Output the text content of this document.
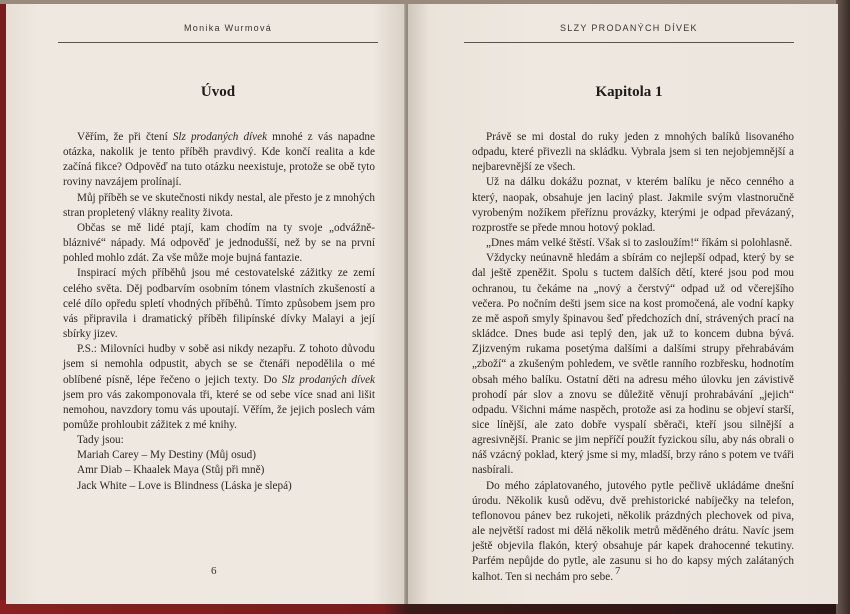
Monika Wurmová
Úvod

Věřím, že při čtení Slz prodaných dívek mnohé z vás napadne otázka, nakolik je tento příběh pravdivý. Kde končí realita a kde začíná fikce? Odpověď na tuto otázku neexistuje, protože se obě tyto roviny navzájem prolínají.

Můj příběh se ve skutečnosti nikdy nestal, ale přesto je z mnohých stran propletený vlákny reality života.

Občas se mě lidé ptají, kam chodím na ty svoje „odvážně-bláznivé“ nápady. Má odpověď je jednodušší, než by se na první pohled mohlo zdát. Za vše může moje bujná fantazie.

Inspirací mých příběhů jsou mé cestovatelské zážitky ze zemí celého světa. Děj podbarvím osobním tónem vlastních zkušeností a celé dílo opředu spletí vhodných příběhů. Tímto způsobem jsem pro vás připravila i dramatický příběh filipínské dívky Malayi a její sbírky jizev.

P.S.: Milovníci hudby v sobě asi nikdy nezapřu. Z tohoto důvodu jsem si nemohla odpustit, abych se se čtenáři nepodělila o mé oblíbené písně, lépe řečeno o jejich texty. Do Slz prodaných dívek jsem pro vás zakomponovala tři, které se od sebe více snad ani lišit nemohou, navzdory tomu vás upoutají. Věřím, že jejich poslech vám pomůže prohloubit zážitek z mé knihy.

Tady jsou:

Mariah Carey – My Destiny (Můj osud)

Amr Diab – Khaalek Maya (Stůj při mně)

Jack White – Love is Blindness (Láska je slepá)

6
SLZY PRODANÝCH DÍVEK
Kapitola 1

Právě se mi dostal do ruky jeden z mnohých balíků lisovaného odpadu, které přivezli na skládku. Vybrala jsem si ten nejobjemnější a nejbarevnější ze všech.

Už na dálku dokážu poznat, v kterém balíku je něco cenného a který, naopak, obsahuje jen laciný plast. Jakmile svým vlastnoručně vyrobeným nožíkem přeříznu provázky, kterými je odpad převázaný, rozprostře se přede mnou hotový poklad.

„Dnes mám velké štěstí. Však si to zasloužím!“ říkám si polohlasně.

Vždycky neúnavně hledám a sbírám co nejlepší odpad, který by se dal ještě zpeněžit. Spolu s tuctem dalších dětí, které jsou pod mou ochranou, tu čekáme na „nový a čerstvý“ odpad už od včerejšího večera. Po nočním dešti jsem sice na kost promočená, ale vodní kapky ze mě aspoň smyly špinavou šeď předchozích dní, strávených prací na skládce. Dnes bude asi teplý den, jak už to koncem dubna bývá. Zjizveným rukama posetýma dalšími a dalšími strupy přehrabávám „zboží“ a zkušeným pohledem, ve světle ranního rozbřesku, hodnotím obsah mého balíku. Ostatní děti na adresu mého úlovku jen závistivě prohodí pár slov a znovu se důležitě věnují prohrabávání „jejich“ odpadu. Všichni máme naspěch, protože asi za hodinu se objeví starší, sice línější, ale zato dobře vyspalí sběrači, kteří jsou silnější a agresivnější. Pranic se jim nepříčí použít fyzickou sílu, aby nás obrali o náš vzácný poklad, který jsme si my, mladší, brzy ráno s potem ve tváři nasbírali.

Do mého záplatovaného, jutového pytle pečlivě ukládáme dnešní úrodu. Několik kusů oděvu, dvě prehistorické nabíječky na telefon, teflonovou pánev bez rukojeti, několik prázdných plechovek od piva, ale největší radost mi dělá několik metrů měděného drátu. Navíc jsem ještě objevila flakón, který obsahuje pár kapek drahocenné tekutiny. Parfém nepůjde do pytle, ale zasunu si ho do kapsy mých zalátaných kalhot. Ten si nechám pro sebe. 7
